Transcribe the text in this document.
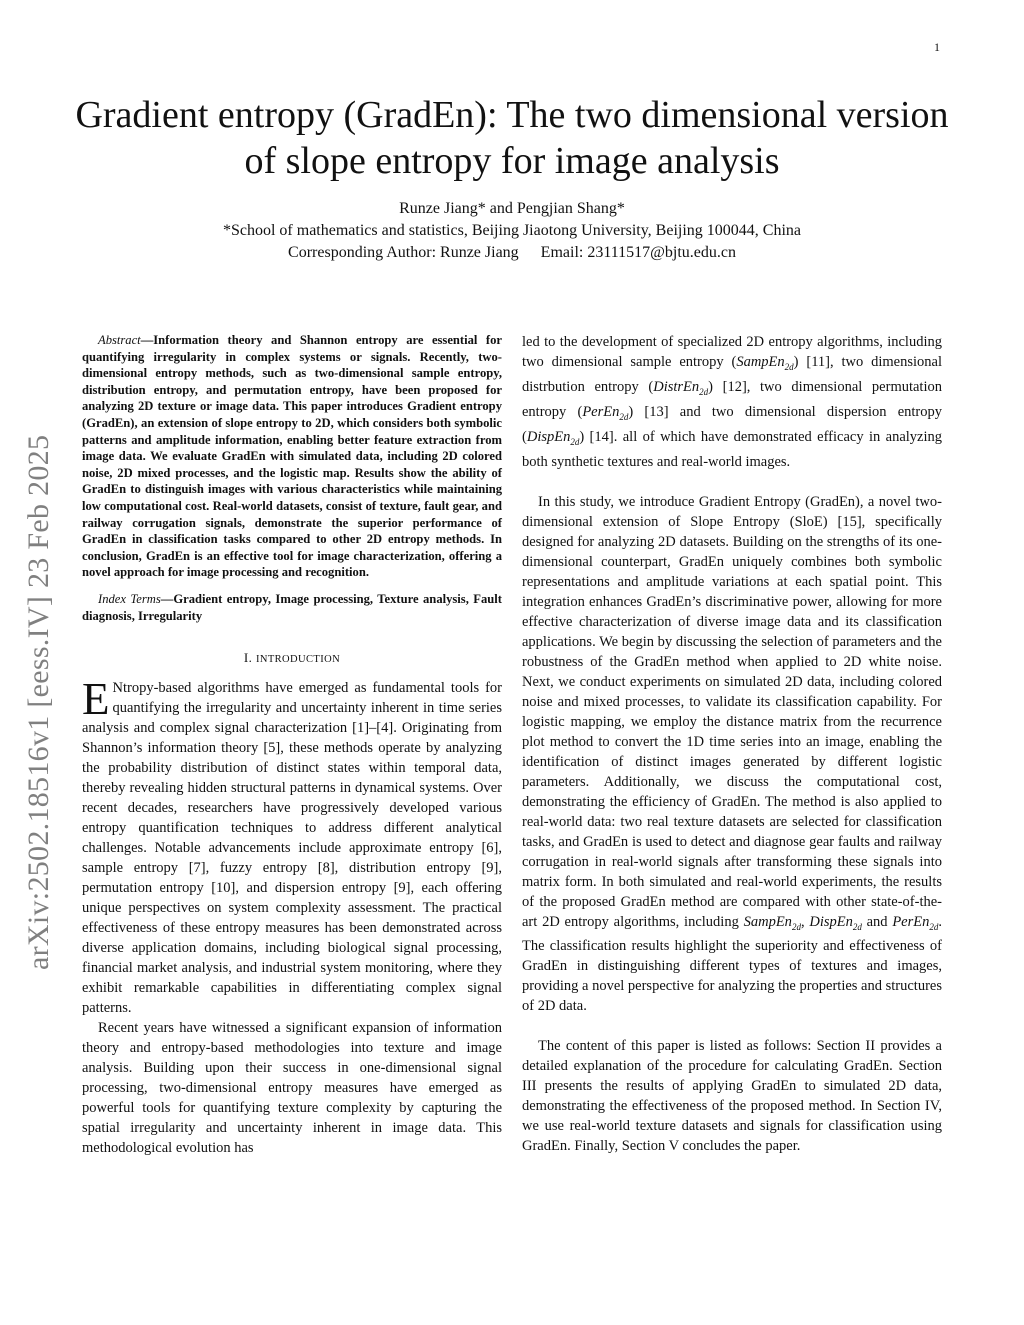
1
arXiv:2502.18516v1 [eess.IV] 23 Feb 2025
Gradient entropy (GradEn): The two dimensional version of slope entropy for image analysis
Runze Jiang* and Pengjian Shang*
*School of mathematics and statistics, Beijing Jiaotong University, Beijing 100044, China
Corresponding Author: Runze Jiang Email: 23111517@bjtu.edu.cn

Abstract—Information theory and Shannon entropy are essential for quantifying irregularity in complex systems or signals. Recently, two-dimensional entropy methods, such as two-dimensional sample entropy, distribution entropy, and permutation entropy, have been proposed for analyzing 2D texture or image data. This paper introduces Gradient entropy (GradEn), an extension of slope entropy to 2D, which considers both symbolic patterns and amplitude information, enabling better feature extraction from image data. We evaluate GradEn with simulated data, including 2D colored noise, 2D mixed processes, and the logistic map. Results show the ability of GradEn to distinguish images with various characteristics while maintaining low computational cost. Real-world datasets, consist of texture, fault gear, and railway corrugation signals, demonstrate the superior performance of GradEn in classification tasks compared to other 2D entropy methods. In conclusion, GradEn is an effective tool for image characterization, offering a novel approach for image processing and recognition.

Index Terms—Gradient entropy, Image processing, Texture analysis, Fault diagnosis, Irregularity

I. INTRODUCTION

E Ntropy-based algorithms have emerged as fundamental tools for quantifying the irregularity and uncertainty inherent in time series analysis and complex signal characterization [1]–[4]. Originating from Shannon’s information theory [5], these methods operate by analyzing the probability distribution of distinct states within temporal data, thereby revealing hidden structural patterns in dynamical systems. Over recent decades, researchers have progressively developed various entropy quantification techniques to address different analytical challenges. Notable advancements include approximate entropy [6], sample entropy [7], fuzzy entropy [8], distribution entropy [9], permutation entropy [10], and dispersion entropy [9], each offering unique perspectives on system complexity assessment. The practical effectiveness of these entropy measures has been demonstrated across diverse application domains, including biological signal processing, financial market analysis, and industrial system monitoring, where they exhibit remarkable capabilities in differentiating complex signal patterns.

Recent years have witnessed a significant expansion of information theory and entropy-based methodologies into texture and image analysis. Building upon their success in one-dimensional signal processing, two-dimensional entropy measures have emerged as powerful tools for quantifying texture complexity by capturing the spatial irregularity and uncertainty inherent in image data. This methodological evolution has

led to the development of specialized 2D entropy algorithms, including two dimensional sample entropy (SampEn$_{2d}$) [11], two dimensional distrbution entropy (DistrEn$_{2d}$) [12], two dimensional permutation entropy (PerEn$_{2d}$) [13] and two dimensional dispersion entropy (DispEn$_{2d}$) [14]. all of which have demonstrated efficacy in analyzing both synthetic textures and real-world images.

In this study, we introduce Gradient Entropy (GradEn), a novel two-dimensional extension of Slope Entropy (SloE) [15], specifically designed for analyzing 2D datasets. Building on the strengths of its one-dimensional counterpart, GradEn uniquely combines both symbolic representations and amplitude variations at each spatial point. This integration enhances GradEn’s discriminative power, allowing for more effective characterization of diverse image data and its classification applications. We begin by discussing the selection of parameters and the robustness of the GradEn method when applied to 2D white noise. Next, we conduct experiments on simulated 2D data, including colored noise and mixed processes, to validate its classification capability. For logistic mapping, we employ the distance matrix from the recurrence plot method to convert the 1D time series into an image, enabling the identification of distinct images generated by different logistic parameters. Additionally, we discuss the computational cost, demonstrating the efficiency of GradEn. The method is also applied to real-world data: two real texture datasets are selected for classification tasks, and GradEn is used to detect and diagnose gear faults and railway corrugation in real-world signals after transforming these signals into matrix form. In both simulated and real-world experiments, the results of the proposed GradEn method are compared with other state-of-the-art 2D entropy algorithms, including SampEn$_{2d}$, DispEn$_{2d}$ and PerEn$_{2d}$. The classification results highlight the superiority and effectiveness of GradEn in distinguishing different types of textures and images, providing a novel perspective for analyzing the properties and structures of 2D data.

The content of this paper is listed as follows: Section II provides a detailed explanation of the procedure for calculating GradEn. Section III presents the results of applying GradEn to simulated 2D data, demonstrating the effectiveness of the proposed method. In Section IV, we use real-world texture datasets and signals for classification using GradEn. Finally, Section V concludes the paper.
